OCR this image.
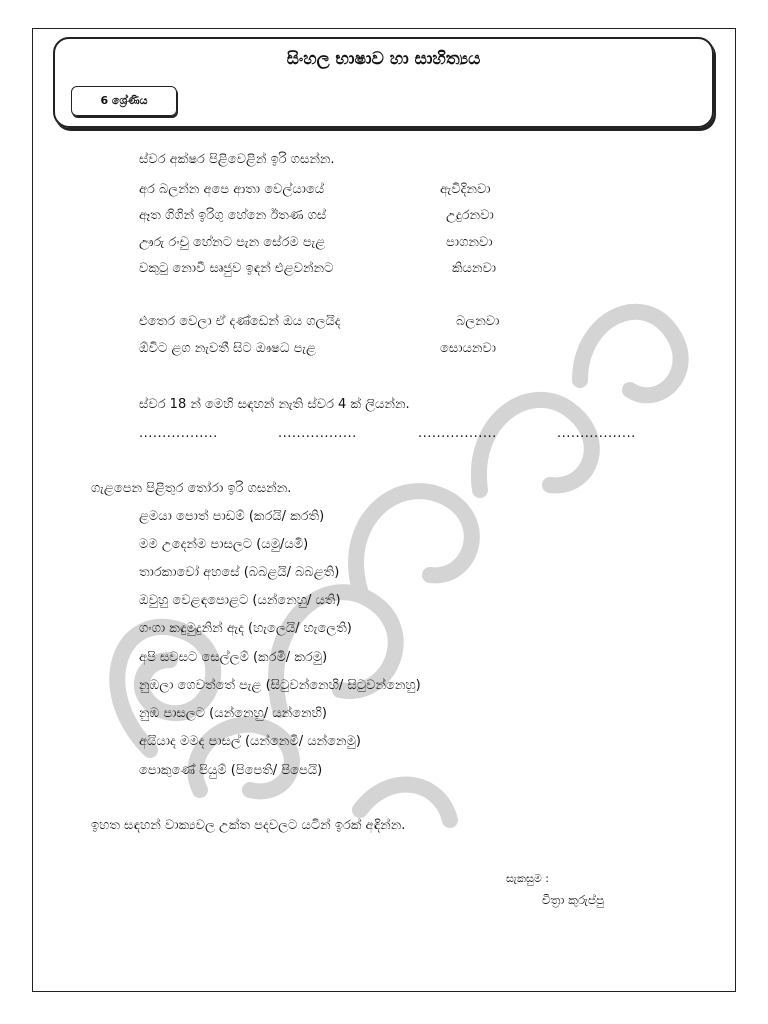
සිංහල භාෂාව හා සාහිත්‍යය
6 ශ්‍රේණිය
ස්වර අක්ෂර පිළිවෙළින් ඉරි ගසන්න.
අර බලන්න අපෙ ආතා වෙල්යායේ	ඇවිදිනවා
ඈත ගිගින් ඉරිගු හේනෙ ඊතණ ගස්	උදුරනවා
ඌරු රංචු හේනට පැන සේරම පැළ	පාගනවා
වකුටු නොවී සෘජුව ඉඳන් එළවන්නට	කියනවා
එතෙර වෙලා ඒ දණ්ඩෙන් ඔය ගලයිද	බලනවා
ඕවිට ළග නැවතී සිට ඖෂධ පැළ	සොයනවා
ස්වර 18 න් මෙහි සඳහන් නැති ස්වර 4 ක් ලියන්න.
.................	.................	.................	.................
ගැළපෙන පිළිතුර තෝරා ඉරි ගසන්න.
ළමයා පොත් පාඩම් (කරයි/ කරති)
මම උදෙන්ම පාසලට (යමු/යමි)
තාරකාවෝ අහසේ (බබළයි/ බබළති)
ඔවුහු වෙළඳපොළට (යන්නෙහු/ යති)
ගංගා කඳුමුදුනින් ඇද (හැලෙයි/ හැලෙති)
අපි සවසට සෙල්ලම් (කරමි/ කරමු)
නුඹලා ගෙවත්තේ පැළ (සිටුවන්නෙහි/ සිටුවන්නෙහු)
නුඹ පාසලට (යන්නෙහු/ යන්නෙහි)
අයියාද මමද පාසල් (යන්නෙමි/ යන්නෙමු)
පොකුණේ පියුම් (පිපෙති/ පිපෙයි)
ඉහත සඳහන් වාක්‍යවල උක්ත පදවලට යටින් ඉරක් අඳින්න.
සැකසුම :
චිත්‍රා කුරුප්පු
